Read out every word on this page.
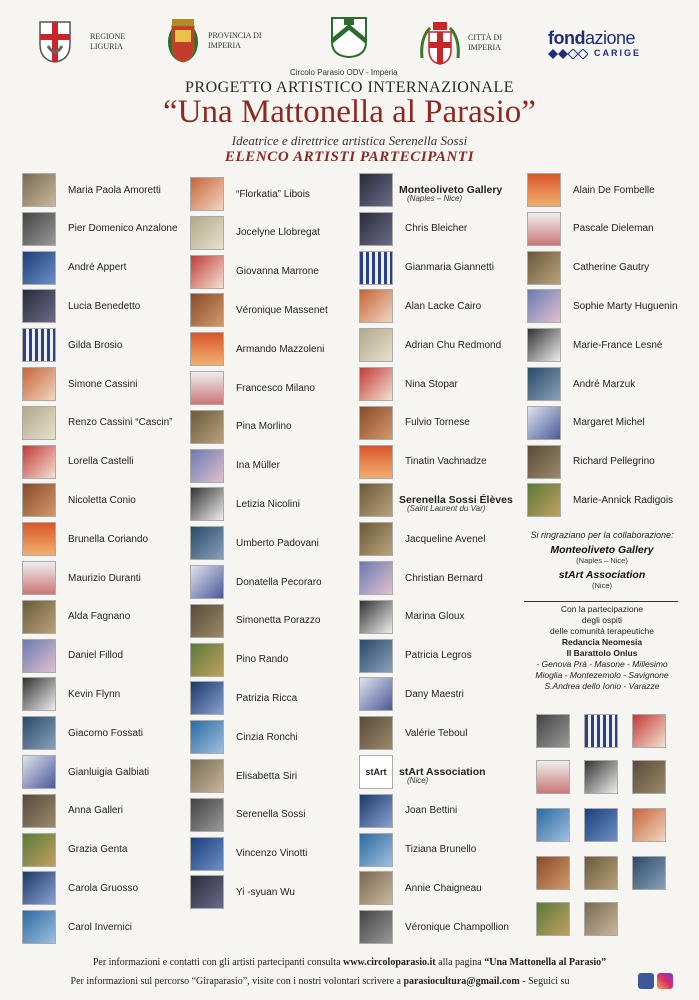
REGIONE
LIGURIA
PROVINCIA DI
IMPERIA
CITTÀ DI
IMPERIA	fondazione
CARIGE
Circolo Parasio ODV - Imperia
PROGETTO ARTISTICO INTERNAZIONALE
“Una Mattonella al Parasio”
Ideatrice e direttrice artistica Serenella Sossi
ELENCO ARTISTI PARTECIPANTI
Maria Paola Amoretti
Pier Domenico Anzalone
André Appert
Lucia Benedetto
Gilda Brosio
Simone Cassini
Renzo Cassini “Cascin”
Lorella Castelli
Nicoletta Conio
Brunella Coriando
Maurizio Duranti
Alda Fagnano
Daniel Fillod
Kevin Flynn
Giacomo Fossati
Gianluigia Galbiati
Anna Galleri
Grazia Genta
Carola Gruosso
Carol Invernici
“Florkatia” Libois
Jocelyne Llobregat
Giovanna Marrone
Véronique Massenet
Armando Mazzoleni
Francesco Milano
Pina Morlino
Ina Müller
Letizia Nicolini
Umberto Padovani
Donatella Pecoraro
Simonetta Porazzo
Pino Rando
Patrizia Ricca
Cinzia Ronchi
Elisabetta Siri
Serenella Sossi
Vincenzo Vinotti
Yi -syuan Wu
Monteoliveto Gallery
(Naples – Nice)
Chris Bleicher
Gianmaria Giannetti
Alan Lacke Cairo
Adrian Chu Redmond
Nina Stopar
Fulvio Tornese
Tinatin Vachnadze
Serenella Sossi Élèves
(Saint Laurent du Var)
Jacqueline Avenel
Christian Bernard
Marina Gloux
Patricia Legros
Dany Maestri
Valérie Teboul
stArt	stArt Association
(Nice)
Joan Bettini
Tiziana Brunello
Annie Chaigneau
Véronique Champollion
Alain De Fombelle
Pascale Dieleman
Catherine Gautry
Sophie Marty Huguenin
Marie-France Lesné
André Marzuk
Margaret Michel
Richard Pellegrino
Marie-Annick Radigois
Si ringraziano per la collaborazione:
Monteoliveto Gallery
(Naples – Nice)
stArt Association
(Nice)
Con la partecipazione
degli ospiti
delle comunità terapeutiche
Redancia Neomesia
Il Barattolo Onlus
- Genova Prà - Masone - Millesimo
Mioglia - Montezemolo - Savignone
S.Andrea dello Ionio - Varazze
Per informazioni e contatti con gli artisti partecipanti consulta www.circoloparasio.it alla pagina “Una Mattonella al Parasio”
Per informazioni sul percorso “Giraparasio”, visite con i nostri volontari scrivere a parasiocultura@gmail.com - Seguici su
